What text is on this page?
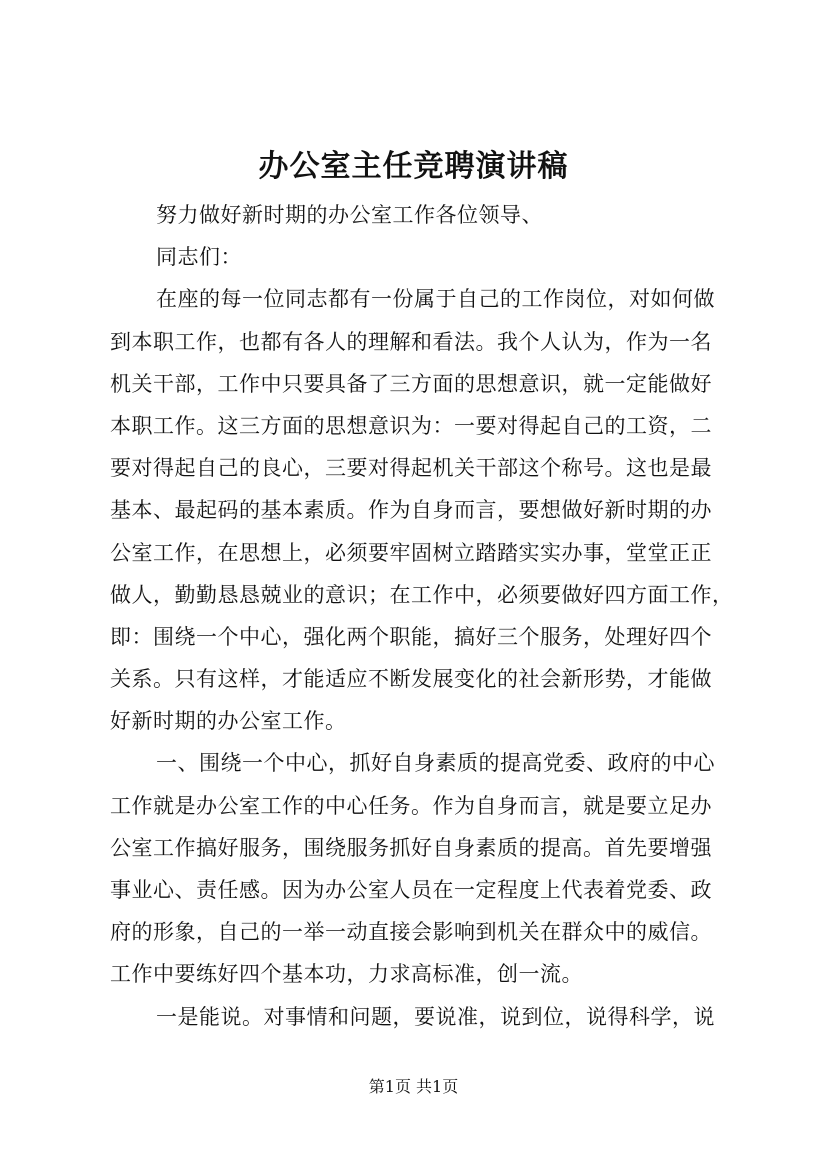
办公室主任竞聘演讲稿
努力做好新时期的办公室工作各位领导、
同志们：
在座的每一位同志都有一份属于自己的工作岗位，对如何做
到本职工作，也都有各人的理解和看法。我个人认为，作为一名
机关干部，工作中只要具备了三方面的思想意识，就一定能做好
本职工作。这三方面的思想意识为：一要对得起自己的工资，二
要对得起自己的良心，三要对得起机关干部这个称号。这也是最
基本、最起码的基本素质。作为自身而言，要想做好新时期的办
公室工作，在思想上，必须要牢固树立踏踏实实办事，堂堂正正
做人，勤勤恳恳兢业的意识；在工作中，必须要做好四方面工作，
即：围绕一个中心，强化两个职能，搞好三个服务，处理好四个
关系。只有这样，才能适应不断发展变化的社会新形势，才能做
好新时期的办公室工作。
一、围绕一个中心，抓好自身素质的提高党委、政府的中心
工作就是办公室工作的中心任务。作为自身而言，就是要立足办
公室工作搞好服务，围绕服务抓好自身素质的提高。首先要增强
事业心、责任感。因为办公室人员在一定程度上代表着党委、政
府的形象，自己的一举一动直接会影响到机关在群众中的威信。
工作中要练好四个基本功，力求高标准，创一流。
一是能说。对事情和问题，要说准，说到位，说得科学，说
第1页 共1页
